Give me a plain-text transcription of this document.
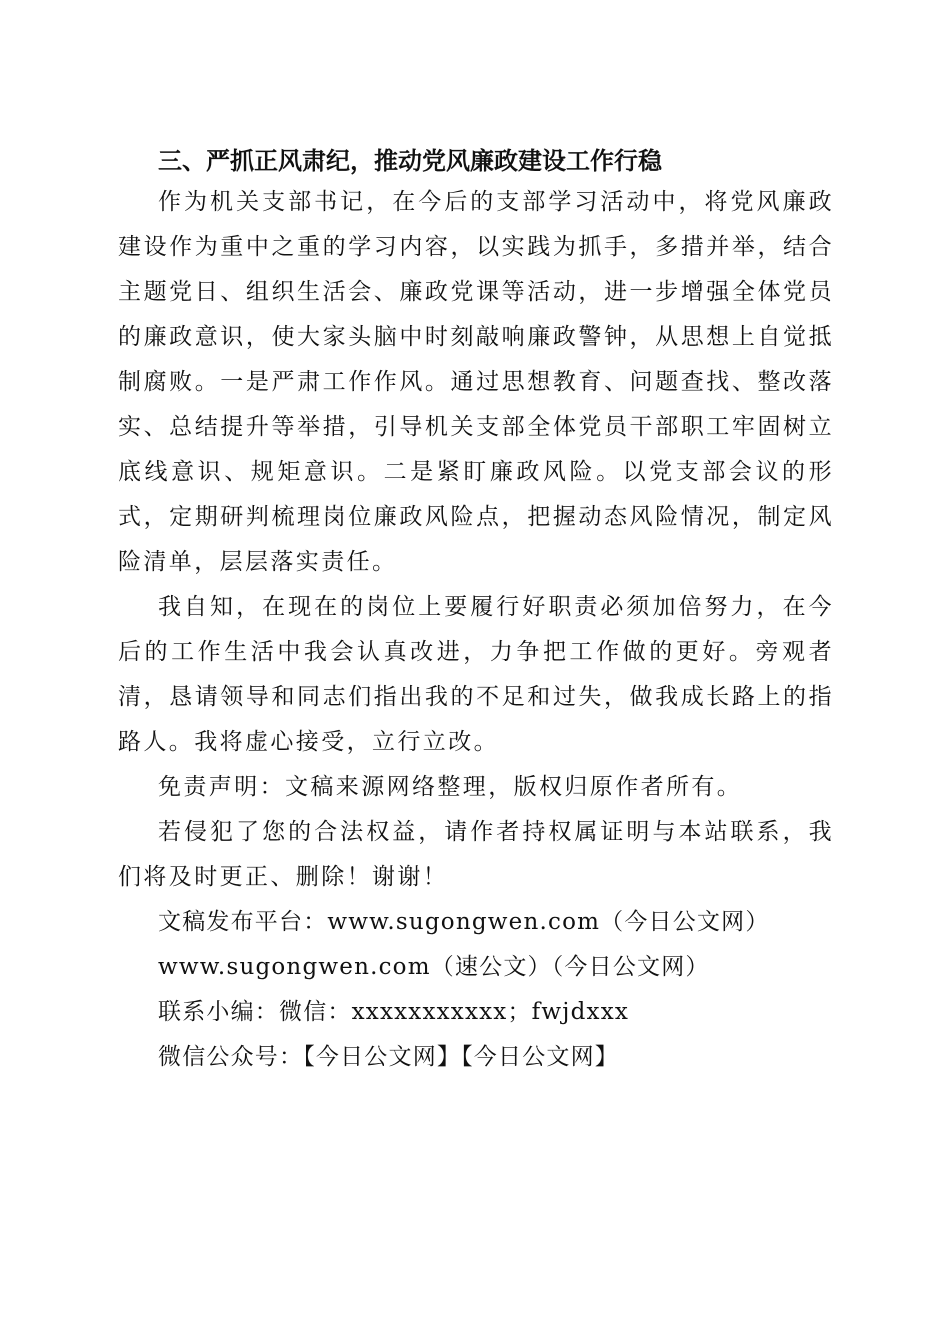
三、严抓正风肃纪，推动党风廉政建设工作行稳

作为机关支部书记，在今后的支部学习活动中，将党风廉政建设作为重中之重的学习内容，以实践为抓手，多措并举，结合主题党日、组织生活会、廉政党课等活动，进一步增强全体党员的廉政意识，使大家头脑中时刻敲响廉政警钟，从思想上自觉抵制腐败。一是严肃工作作风。通过思想教育、问题查找、整改落实、总结提升等举措，引导机关支部全体党员干部职工牢固树立底线意识、规矩意识。二是紧盯廉政风险。以党支部会议的形式，定期研判梳理岗位廉政风险点，把握动态风险情况，制定风险清单，层层落实责任。

我自知，在现在的岗位上要履行好职责必须加倍努力，在今后的工作生活中我会认真改进，力争把工作做的更好。旁观者清，恳请领导和同志们指出我的不足和过失，做我成长路上的指路人。我将虚心接受，立行立改。

免责声明：文稿来源网络整理，版权归原作者所有。

若侵犯了您的合法权益，请作者持权属证明与本站联系，我们将及时更正、删除！谢谢！

文稿发布平台：www.sugongwen.com（今日公文网）

www.sugongwen.com（速公文）（今日公文网）

联系小编：微信：xxxxxxxxxxx；fwjdxxx

微信公众号：【今日公文网】【今日公文网】
